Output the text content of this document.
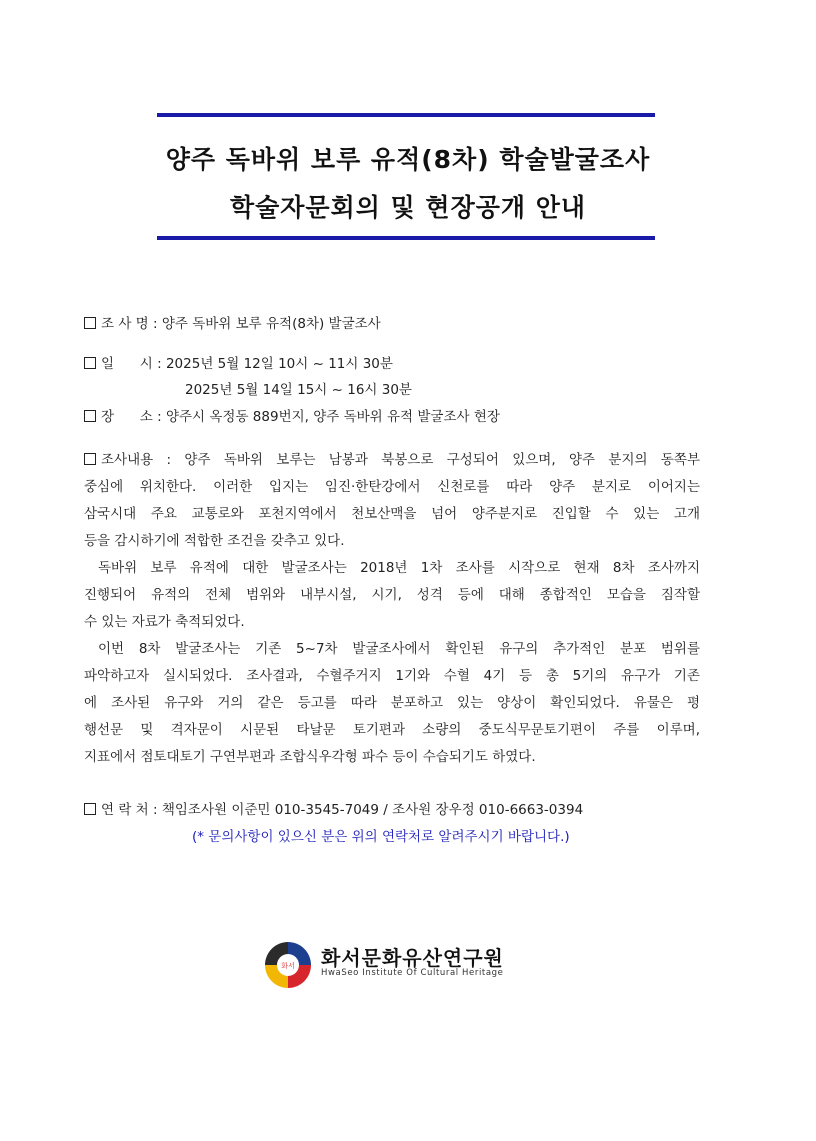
양주 독바위 보루 유적(8차) 학술발굴조사
학술자문회의 및 현장공개 안내
조 사 명 : 양주 독바위 보루 유적(8차) 발굴조사
일      시 : 2025년 5월 12일 10시 ~ 11시 30분
2025년 5월 14일 15시 ~ 16시 30분
장      소 : 양주시 옥정동 889번지, 양주 독바위 유적 발굴조사 현장

조사내용 : 양주 독바위 보루는 남봉과 북봉으로 구성되어 있으며, 양주 분지의 동쪽부

중심에 위치한다. 이러한 입지는 임진·한탄강에서 신천로를 따라 양주 분지로 이어지는

삼국시대 주요 교통로와 포천지역에서 천보산맥을 넘어 양주분지로 진입할 수 있는 고개

등을 감시하기에 적합한 조건을 갖추고 있다.

독바위 보루 유적에 대한 발굴조사는 2018년 1차 조사를 시작으로 현재 8차 조사까지

진행되어 유적의 전체 범위와 내부시설, 시기, 성격 등에 대해 종합적인 모습을 짐작할

수 있는 자료가 축적되었다.

이번 8차 발굴조사는 기존 5~7차 발굴조사에서 확인된 유구의 추가적인 분포 범위를

파악하고자 실시되었다. 조사결과, 수혈주거지 1기와 수혈 4기 등 총 5기의 유구가 기존

에 조사된 유구와 거의 같은 등고를 따라 분포하고 있는 양상이 확인되었다. 유물은 평

행선문 및 격자문이 시문된 타날문 토기편과 소량의 중도식무문토기편이 주를 이루며,

지표에서 점토대토기 구연부편과 조합식우각형 파수 등이 수습되기도 하였다.

연 락 처 : 책임조사원 이준민 010-3545-7049 / 조사원 장우정 010-6663-0394
(* 문의사항이 있으신 분은 위의 연락처로 알려주시기 바랍니다.)
화서 화서문화유산연구원
HwaSeo Institute Of Cultural Heritage
